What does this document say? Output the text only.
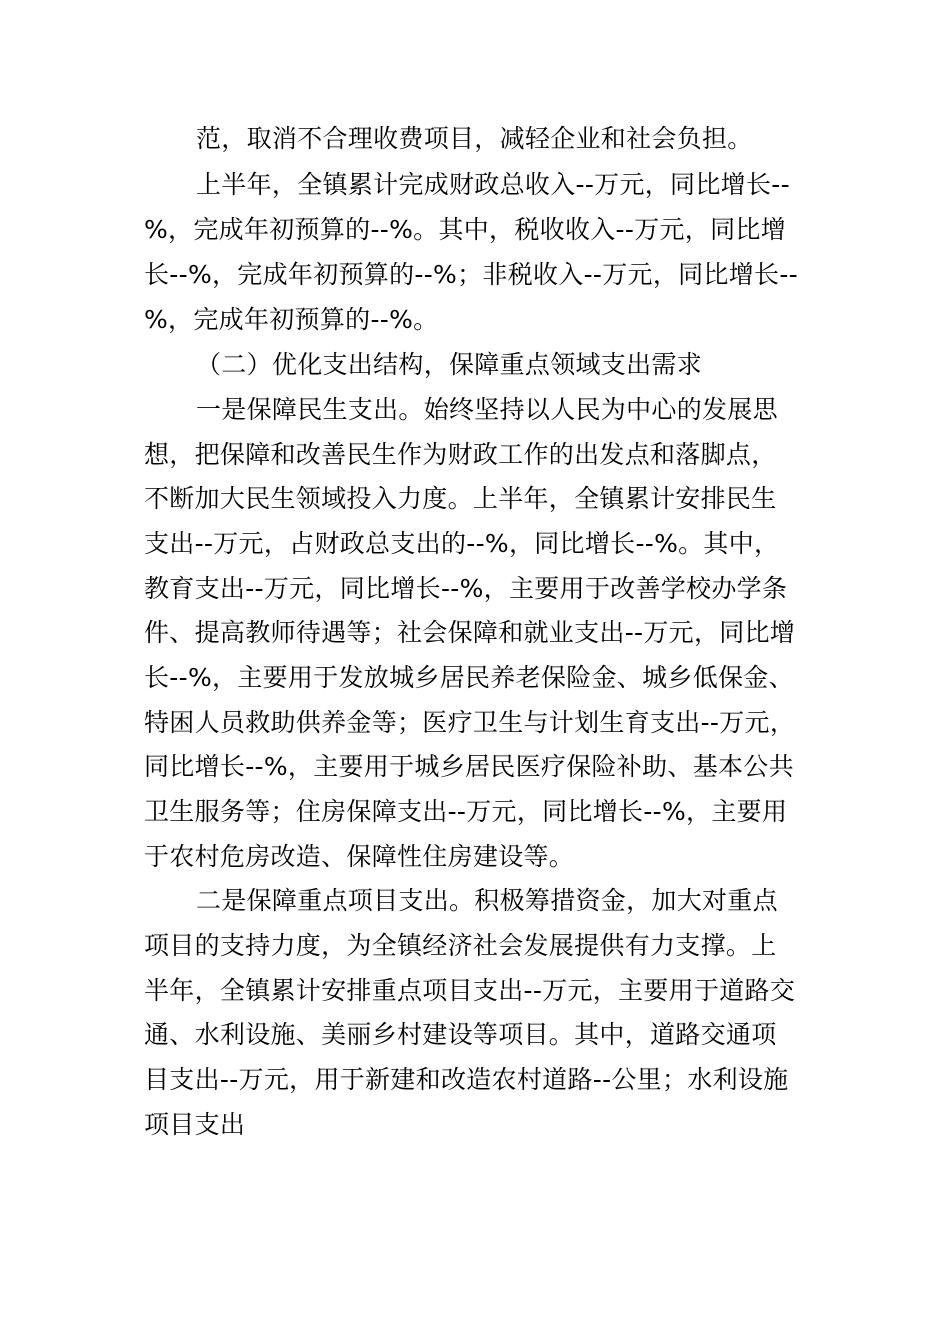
范，取消不合理收费项目，减轻企业和社会负担。
上半年，全镇累计完成财政总收入--万元，同比增长--
%，完成年初预算的--%。其中，税收收入--万元，同比增
长--%，完成年初预算的--%；非税收入--万元，同比增长--
%，完成年初预算的--%。
（二）优化支出结构，保障重点领域支出需求
一是保障民生支出。始终坚持以人民为中心的发展思
想，把保障和改善民生作为财政工作的出发点和落脚点，
不断加大民生领域投入力度。上半年，全镇累计安排民生
支出--万元，占财政总支出的--%，同比增长--%。其中，
教育支出--万元，同比增长--%，主要用于改善学校办学条
件、提高教师待遇等；社会保障和就业支出--万元，同比增
长--%，主要用于发放城乡居民养老保险金、城乡低保金、
特困人员救助供养金等；医疗卫生与计划生育支出--万元，
同比增长--%，主要用于城乡居民医疗保险补助、基本公共
卫生服务等；住房保障支出--万元，同比增长--%，主要用
于农村危房改造、保障性住房建设等。
二是保障重点项目支出。积极筹措资金，加大对重点
项目的支持力度，为全镇经济社会发展提供有力支撑。上
半年，全镇累计安排重点项目支出--万元，主要用于道路交
通、水利设施、美丽乡村建设等项目。其中，道路交通项
目支出--万元，用于新建和改造农村道路--公里；水利设施
项目支出
